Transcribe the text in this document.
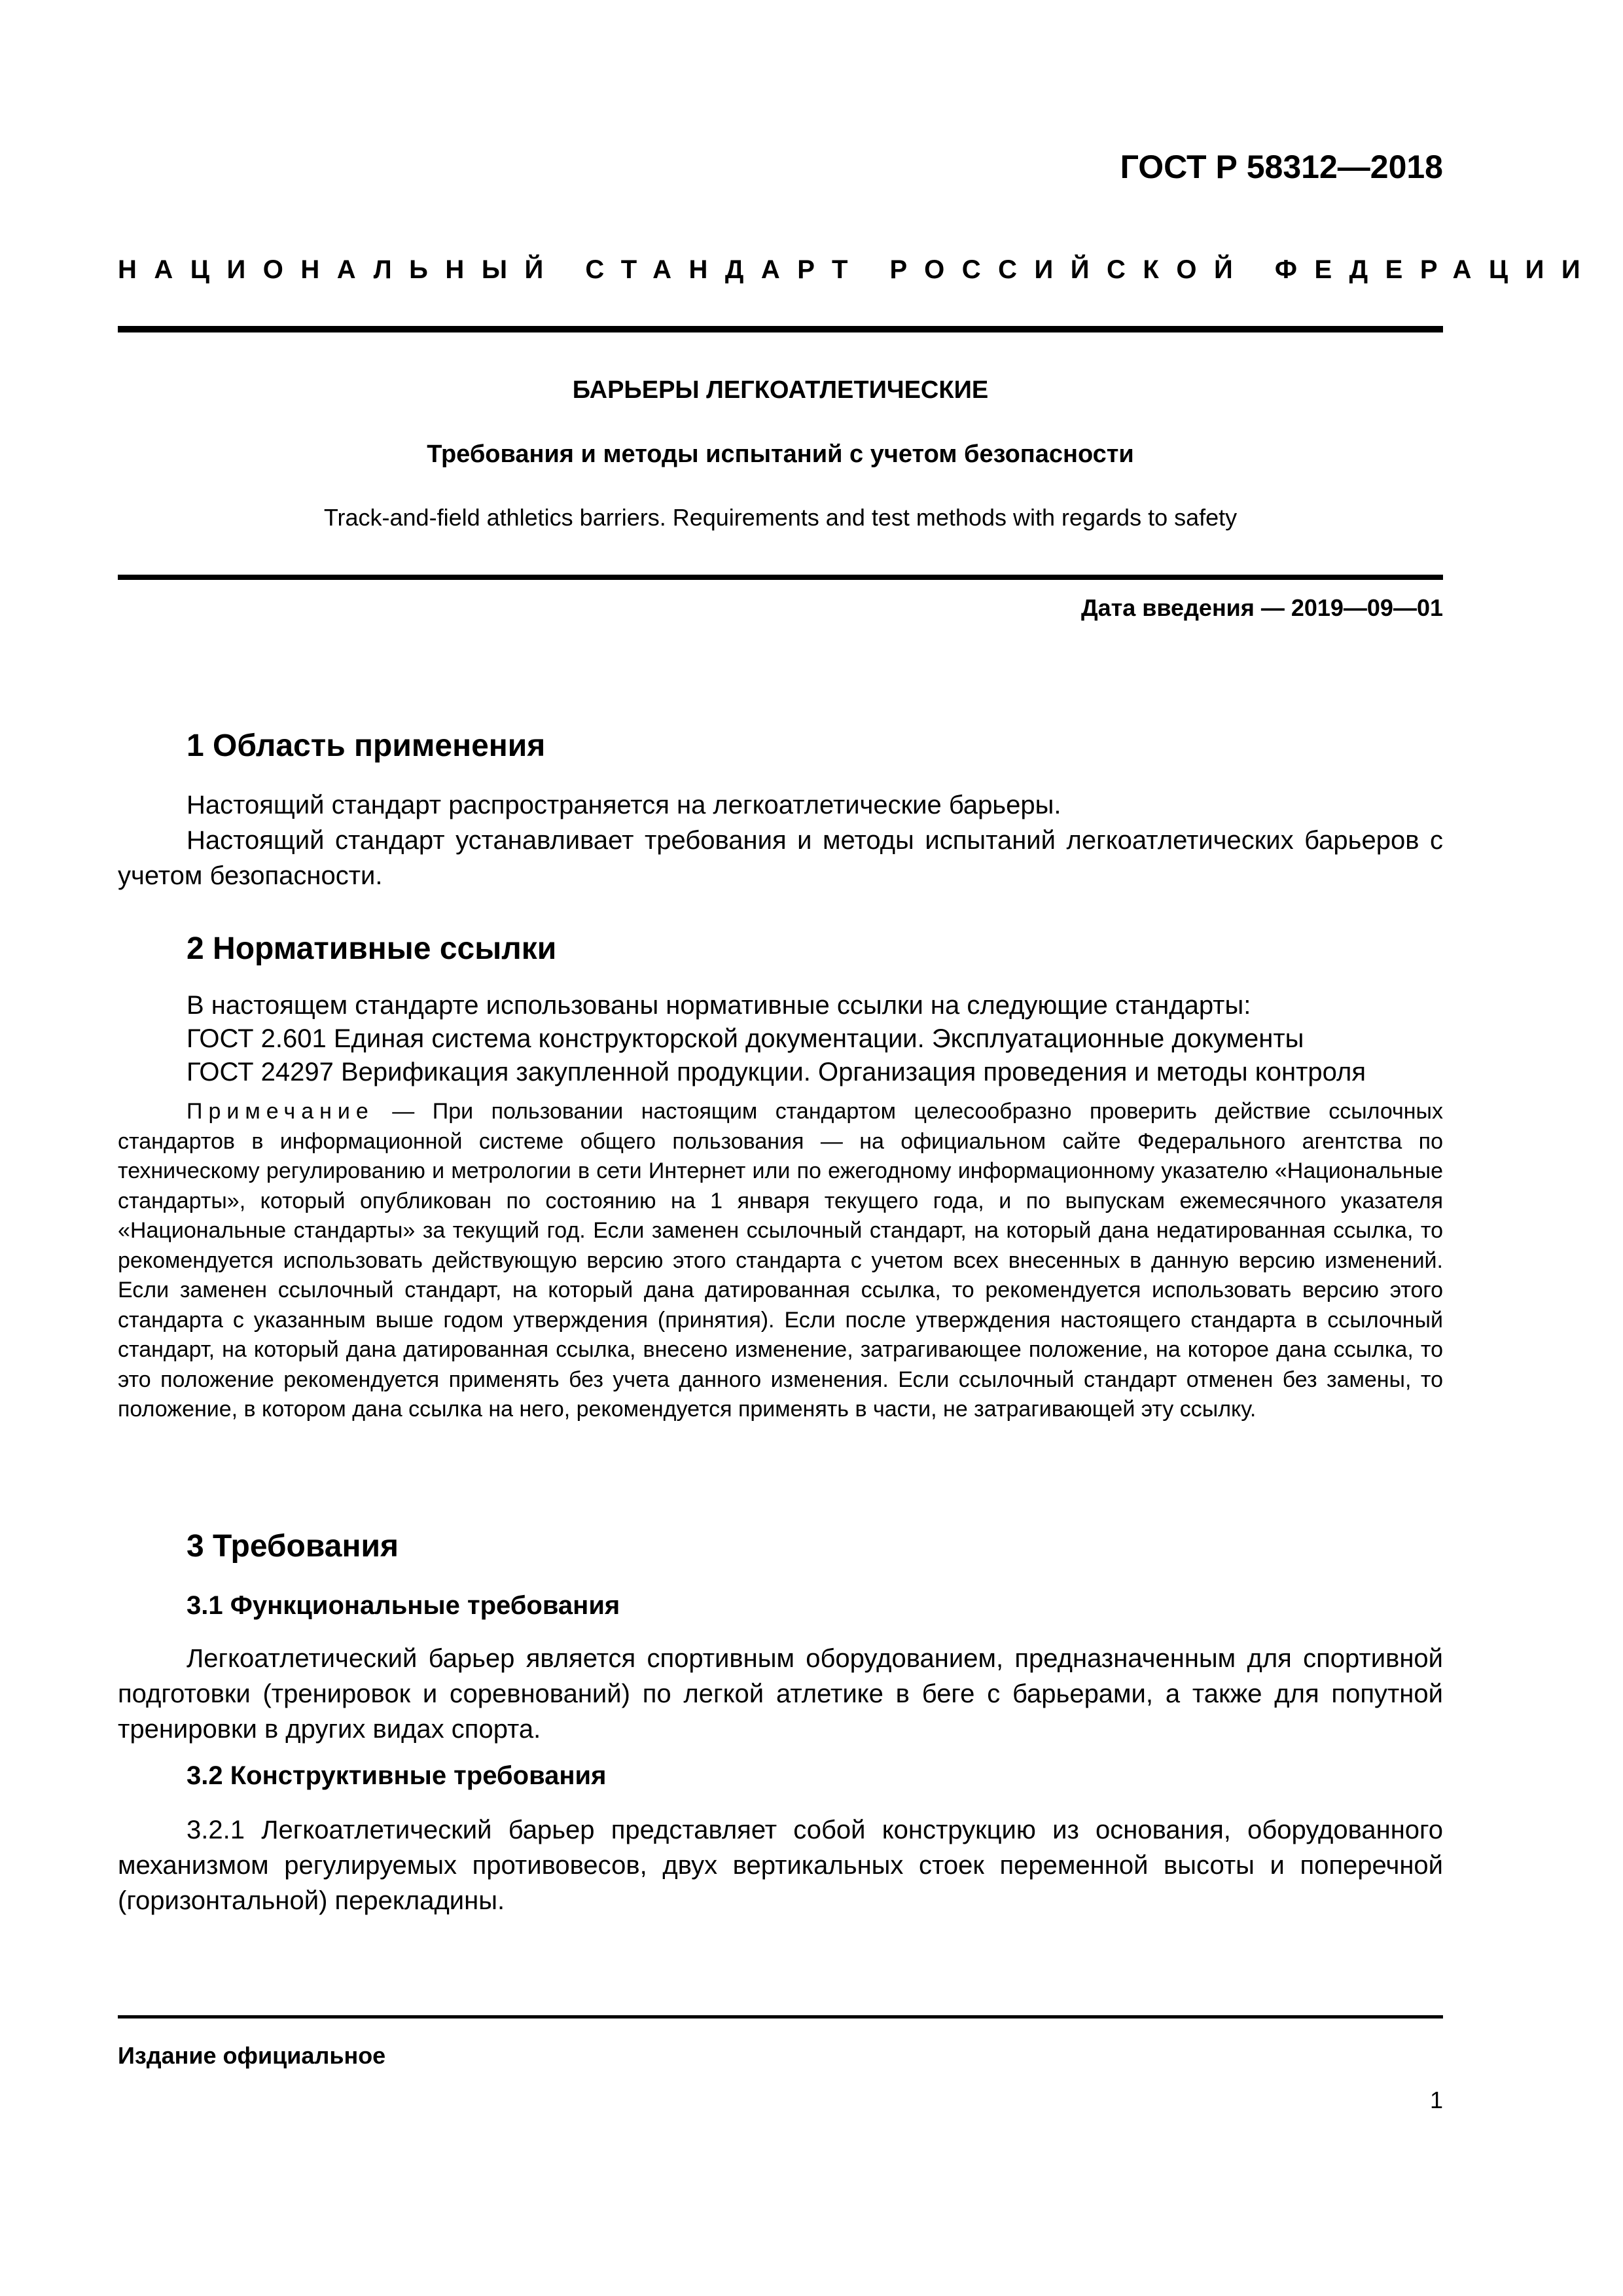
ГОСТ Р 58312—2018
НАЦИОНАЛЬНЫЙ СТАНДАРТ РОССИЙСКОЙ ФЕДЕРАЦИИ
БАРЬЕРЫ ЛЕГКОАТЛЕТИЧЕСКИЕ
Требования и методы испытаний с учетом безопасности
Track-and-field athletics barriers. Requirements and test methods with regards to safety
Дата введения — 2019—09—01
1 Область применения

Настоящий стандарт распространяется на легкоатлетические барьеры.

Настоящий стандарт устанавливает требования и методы испытаний легкоатлетических барьеров с учетом безопасности.

2 Нормативные ссылки
В настоящем стандарте использованы нормативные ссылки на следующие стандарты:
ГОСТ 2.601 Единая система конструкторской документации. Эксплуатационные документы
ГОСТ 24297 Верификация закупленной продукции. Организация проведения и методы контроля

Примечание — При пользовании настоящим стандартом целесообразно проверить действие ссылочных стандартов в информационной системе общего пользования — на официальном сайте Федерального агентства по техническому регулированию и метрологии в сети Интернет или по ежегодному информационному указателю «Национальные стандарты», который опубликован по состоянию на 1 января текущего года, и по выпускам ежемесячного указателя «Национальные стандарты» за текущий год. Если заменен ссылочный стандарт, на который дана недатированная ссылка, то рекомендуется использовать действующую версию этого стандарта с учетом всех внесенных в данную версию изменений. Если заменен ссылочный стандарт, на который дана датированная ссылка, то рекомендуется использовать версию этого стандарта с указанным выше годом утверждения (принятия). Если после утверждения настоящего стандарта в ссылочный стандарт, на который дана датированная ссылка, внесено изменение, затрагивающее положение, на которое дана ссылка, то это положение рекомендуется применять без учета данного изменения. Если ссылочный стандарт отменен без замены, то положение, в котором дана ссылка на него, рекомендуется применять в части, не затрагивающей эту ссылку.

3 Требования
3.1 Функциональные требования

Легкоатлетический барьер является спортивным оборудованием, предназначенным для спортивной подготовки (тренировок и соревнований) по легкой атлетике в беге с барьерами, а также для попутной тренировки в других видах спорта.

3.2 Конструктивные требования

3.2.1 Легкоатлетический барьер представляет собой конструкцию из основания, оборудованного механизмом регулируемых противовесов, двух вертикальных стоек переменной высоты и поперечной (горизонтальной) перекладины.

Издание официальное
1
